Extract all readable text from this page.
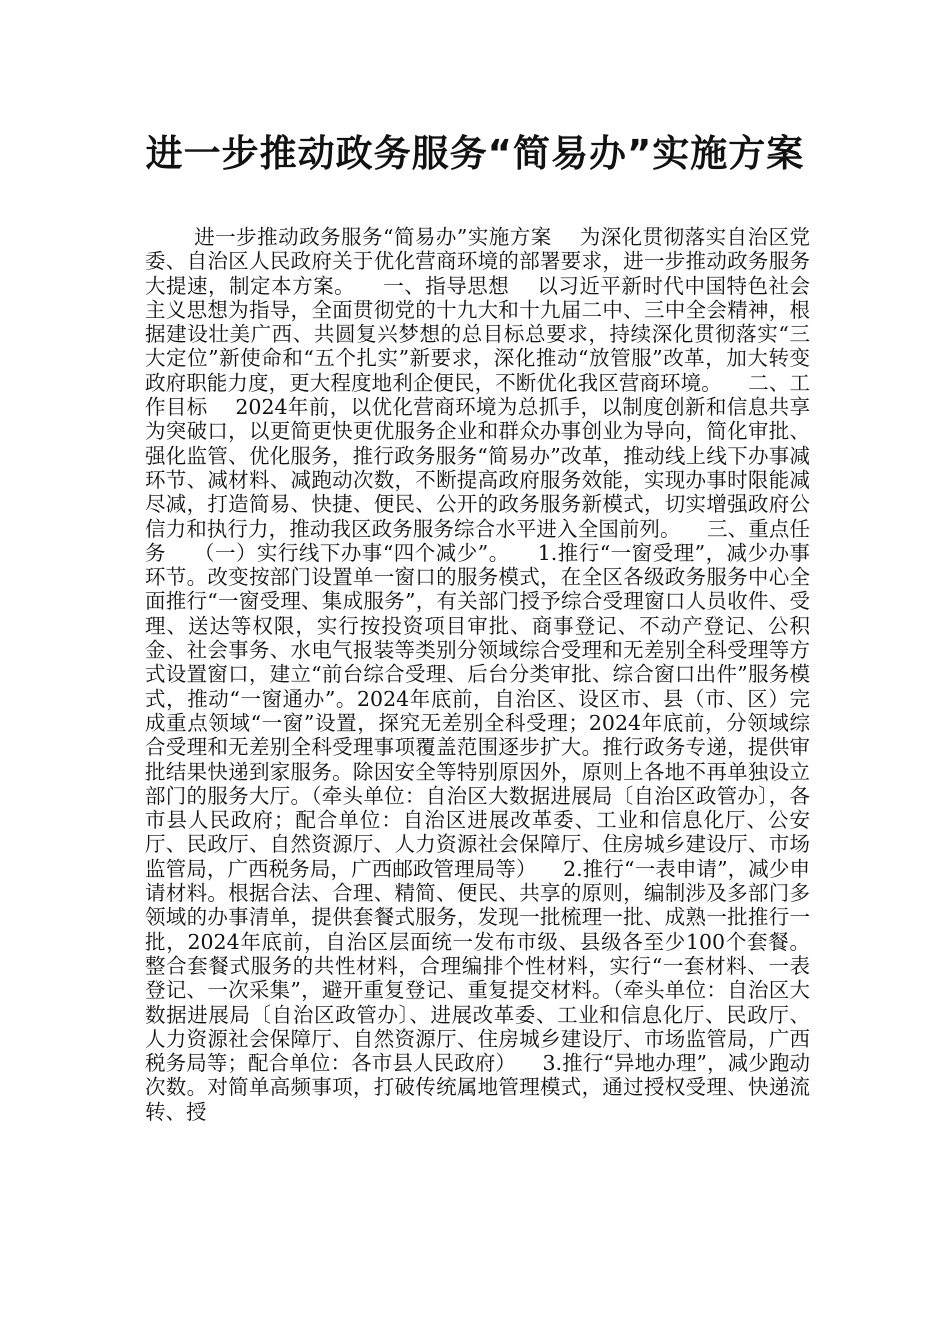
进一步推动政务服务“简易办”实施方案

进一步推动政务服务“简易办”实施方案    为深化贯彻落实自治区党委、自治区人民政府关于优化营商环境的部署要求，进一步推动政务服务大提速，制定本方案。    一、指导思想    以习近平新时代中国特色社会主义思想为指导，全面贯彻党的十九大和十九届二中、三中全会精神，根据建设壮美广西、共圆复兴梦想的总目标总要求，持续深化贯彻落实“三大定位”新使命和“五个扎实”新要求，深化推动“放管服”改革，加大转变政府职能力度，更大程度地利企便民，不断优化我区营商环境。    二、工作目标    2024年前，以优化营商环境为总抓手，以制度创新和信息共享为突破口，以更简更快更优服务企业和群众办事创业为导向，简化审批、强化监管、优化服务，推行政务服务“简易办”改革，推动线上线下办事减环节、减材料、减跑动次数，不断提高政府服务效能，实现办事时限能减尽减，打造简易、快捷、便民、公开的政务服务新模式，切实增强政府公信力和执行力，推动我区政务服务综合水平进入全国前列。    三、重点任务    （一）实行线下办事“四个减少”。    1.推行“一窗受理”，减少办事环节。改变按部门设置单一窗口的服务模式，在全区各级政务服务中心全面推行“一窗受理、集成服务”，有关部门授予综合受理窗口人员收件、受理、送达等权限，实行按投资项目审批、商事登记、不动产登记、公积金、社会事务、水电气报装等类别分领域综合受理和无差别全科受理等方式设置窗口，建立“前台综合受理、后台分类审批、综合窗口出件”服务模式，推动“一窗通办”。2024年底前，自治区、设区市、县（市、区）完成重点领域“一窗”设置，探究无差别全科受理；2024年底前，分领域综合受理和无差别全科受理事项覆盖范围逐步扩大。推行政务专递，提供审批结果快递到家服务。除因安全等特别原因外，原则上各地不再单独设立部门的服务大厅。（牵头单位：自治区大数据进展局〔自治区政管办〕，各市县人民政府；配合单位：自治区进展改革委、工业和信息化厅、公安厅、民政厅、自然资源厅、人力资源社会保障厅、住房城乡建设厅、市场监管局，广西税务局，广西邮政管理局等）    2.推行“一表申请”，减少申请材料。根据合法、合理、精简、便民、共享的原则，编制涉及多部门多领域的办事清单，提供套餐式服务，发现一批梳理一批、成熟一批推行一批，2024年底前，自治区层面统一发布市级、县级各至少100个套餐。整合套餐式服务的共性材料，合理编排个性材料，实行“一套材料、一表登记、一次采集”，避开重复登记、重复提交材料。（牵头单位：自治区大数据进展局〔自治区政管办〕、进展改革委、工业和信息化厅、民政厅、人力资源社会保障厅、自然资源厅、住房城乡建设厅、市场监管局，广西税务局等；配合单位：各市县人民政府）    3.推行“异地办理”，减少跑动次数。对简单高频事项，打破传统属地管理模式，通过授权受理、快递流转、授
